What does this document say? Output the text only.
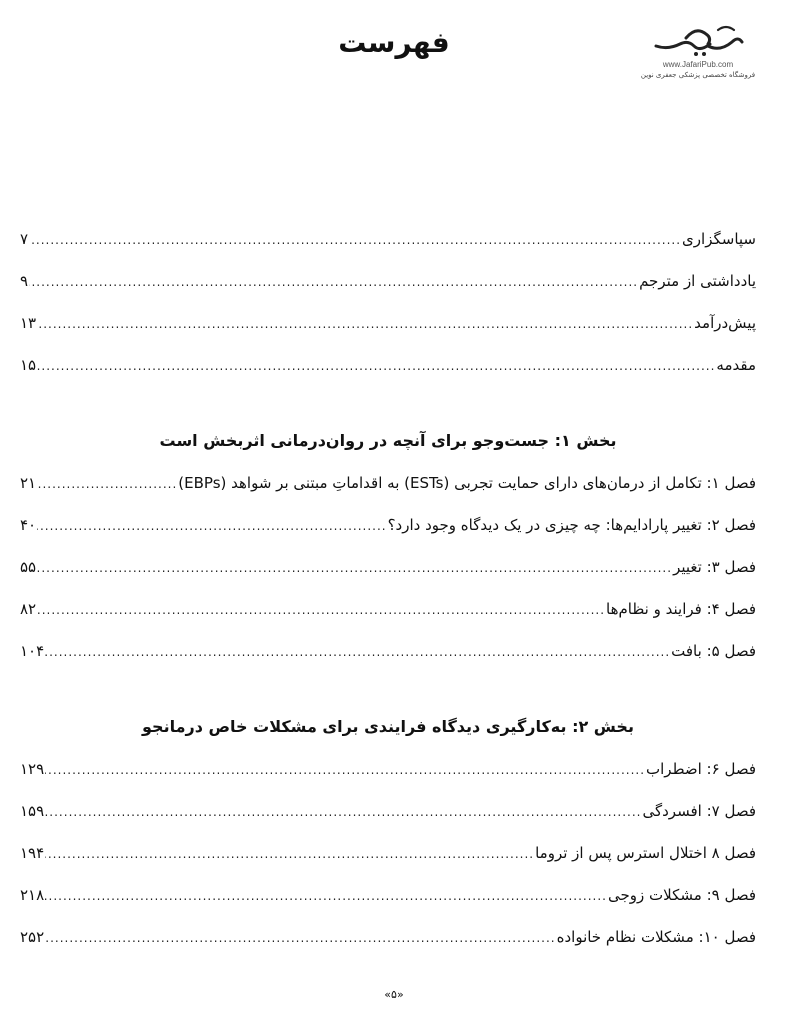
www.JafariPub.com
فروشگاه تخصصی پزشکی جعفری نوین
فهرست
سپاسگزاری
.....
۷
یادداشتی از مترجم
.....
۹
پیش‌درآمد
.....
۱۳
مقدمه
.....
۱۵
بخش ۱: جست‌وجو برای آنچه در روان‌درمانی اثربخش است
فصل ۱: تکامل از درمان‌های دارای حمایت تجربی (ESTs) به اقداماتِ مبتنی بر شواهد (EBPs)
.....
۲۱
فصل ۲: تغییر پارادایم‌ها: چه چیزی در یک دیدگاه وجود دارد؟
.....
۴۰
فصل ۳: تغییر
.....
۵۵
فصل ۴: فرایند و نظام‌ها
.....
۸۲
فصل ۵: بافت
.....
۱۰۴
بخش ۲: به‌کارگیری دیدگاه فرایندی برای مشکلات خاص درمانجو
فصل ۶: اضطراب
.....
۱۲۹
فصل ۷: افسردگی
.....
۱۵۹
فصل ۸ اختلال استرس پس از تروما
.....
۱۹۴
فصل ۹: مشکلات زوجی
.....
۲۱۸
فصل ۱۰: مشکلات نظام خانواده
.....
۲۵۲
«۵»
